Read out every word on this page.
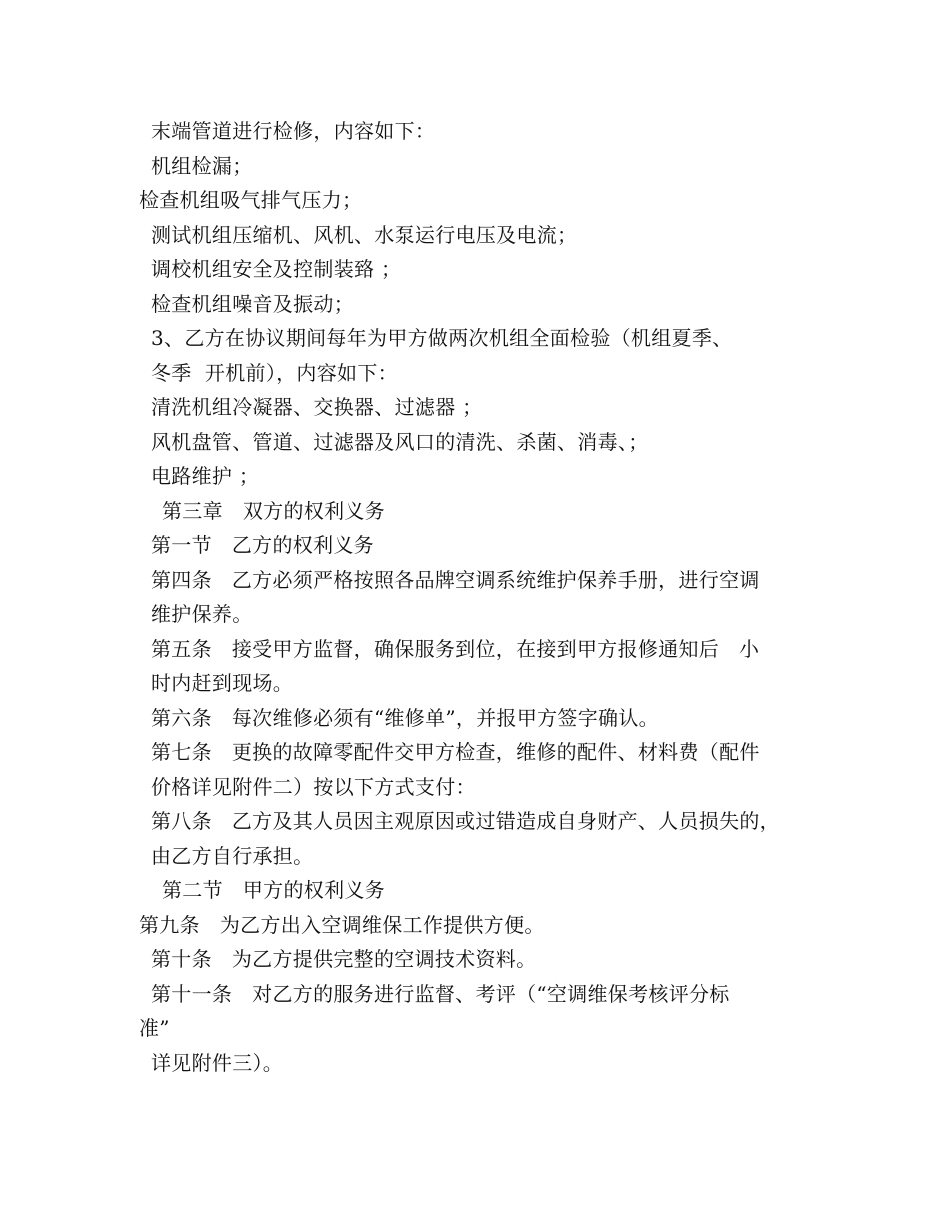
末端管道进行检修，内容如下：
机组检漏；
检查机组吸气排气压力；
测试机组压缩机、风机、水泵运行电压及电流；
调校机组安全及控制装臵 ；
检查机组噪音及振动；
3、乙方在协议期间每年为甲方做两次机组全面检验（机组夏季、
冬季  开机前），内容如下：
清洗机组冷凝器、交换器、过滤器 ；
风机盘管、管道、过滤器及风口的清洗、杀菌、消毒、；
电路维护 ；
第三章   双方的权利义务
第一节   乙方的权利义务
第四条   乙方必须严格按照各品牌空调系统维护保养手册，进行空调
维护保养。
第五条   接受甲方监督，确保服务到位，在接到甲方报修通知后   小
时内赶到现场。
第六条   每次维修必须有“维修单”，并报甲方签字确认。
第七条   更换的故障零配件交甲方检查，维修的配件、材料费（配件
价格详见附件二）按以下方式支付：
第八条   乙方及其人员因主观原因或过错造成自身财产、人员损失的，
由乙方自行承担。
第二节   甲方的权利义务
第九条   为乙方出入空调维保工作提供方便。
第十条   为乙方提供完整的空调技术资料。
第十一条   对乙方的服务进行监督、考评（“空调维保考核评分标
准”
详见附件三）。
